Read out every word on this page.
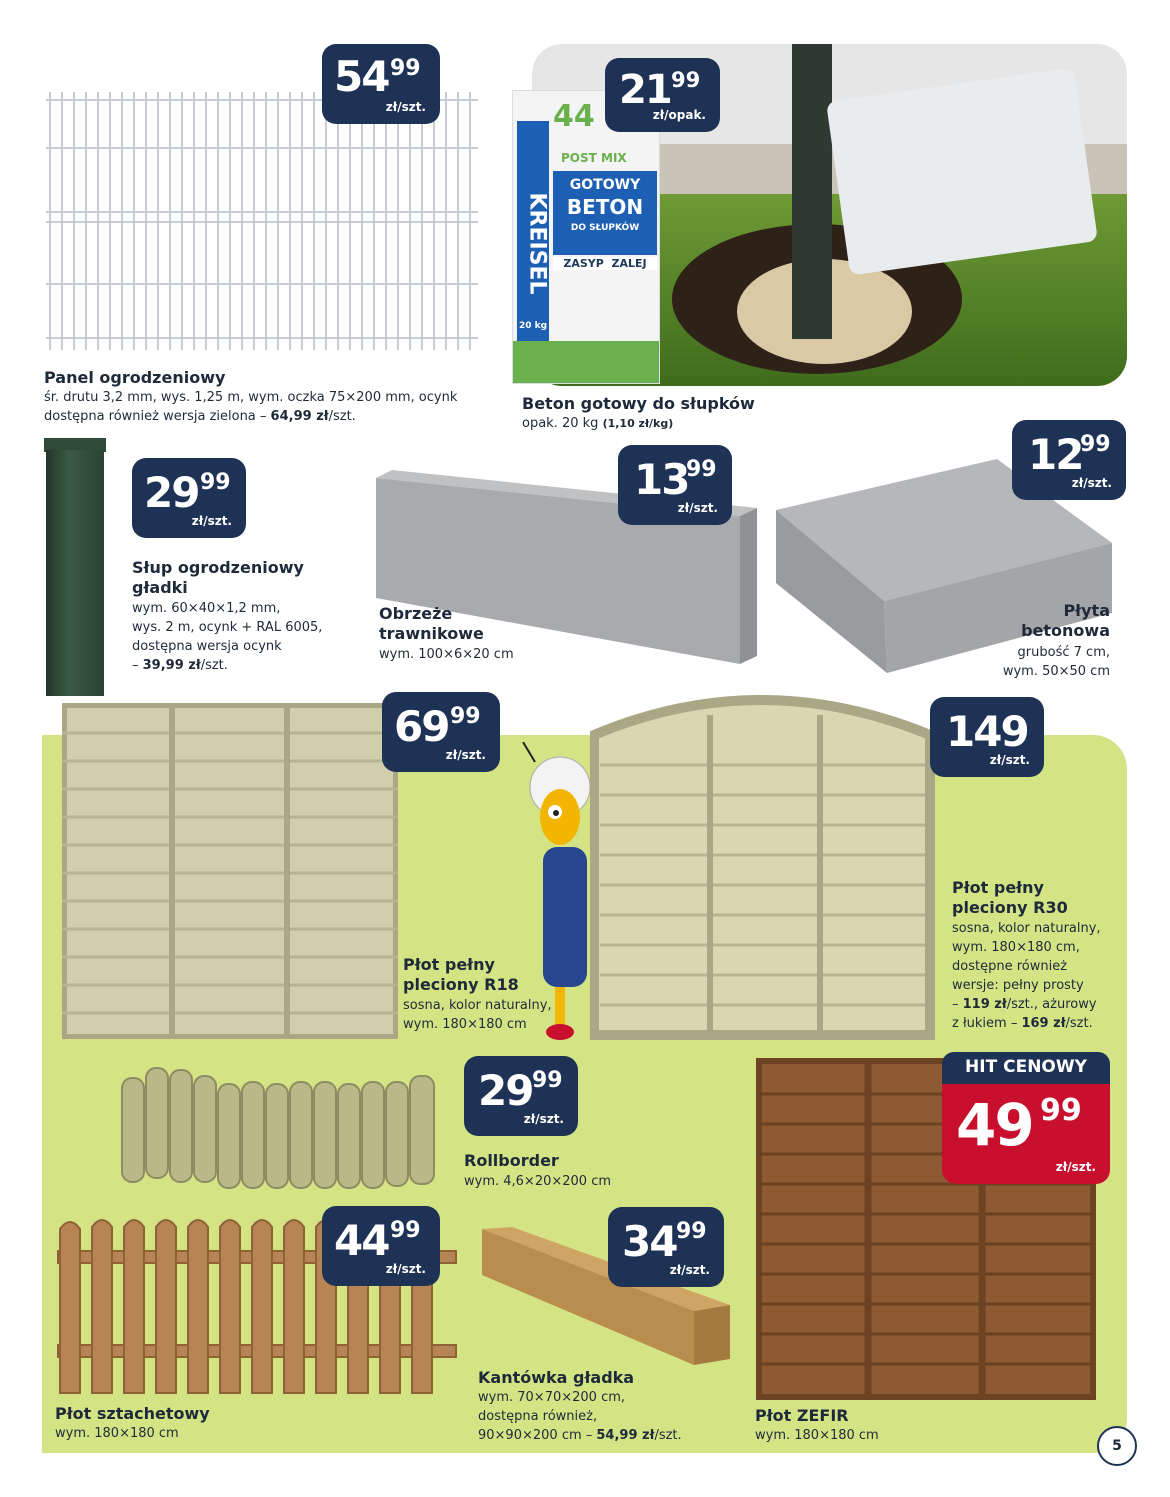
54 99
zł/szt.
Panel ogrodzeniowy
śr. drutu 3,2 mm, wys. 1,25 m, wym. oczka 75×200 mm, ocynk
dostępna również wersja zielona – 64,99 zł/szt.
44
POST MIX
KREISEL
GOTOWY
BETON
DO SŁUPKÓW
ZASYP  ZALEJ
20 kg
21 99
zł/opak.
Beton gotowy do słupków
opak. 20 kg (1,10 zł/kg)
29 99
zł/szt.
Słup ogrodzeniowy
gładki
wym. 60×40×1,2 mm,
wys. 2 m, ocynk + RAL 6005,
dostępna wersja ocynk
– 39,99 zł/szt.
13
99
zł/szt.
Obrzeże
trawnikowe
wym. 100×6×20 cm
12
99
zł/szt.
Płyta
betonowa
grubość 7 cm,
wym. 50×50 cm
69 99
zł/szt.
Płot pełny
pleciony R18
sosna, kolor naturalny,
wym. 180×180 cm
149
zł/szt.
Płot pełny
pleciony R30
sosna, kolor naturalny,
wym. 180×180 cm,
dostępne również
wersje: pełny prosty
– 119 zł/szt., ażurowy
z łukiem – 169 zł/szt.
29 99
zł/szt.
Rollborder
wym. 4,6×20×200 cm
HIT CENOWY
49 99
zł/szt.
Płot ZEFIR
wym. 180×180 cm
44 99
zł/szt.
Płot sztachetowy
wym. 180×180 cm
34 99
zł/szt.
Kantówka gładka
wym. 70×70×200 cm,
dostępna również,
90×90×200 cm – 54,99 zł/szt.
5
